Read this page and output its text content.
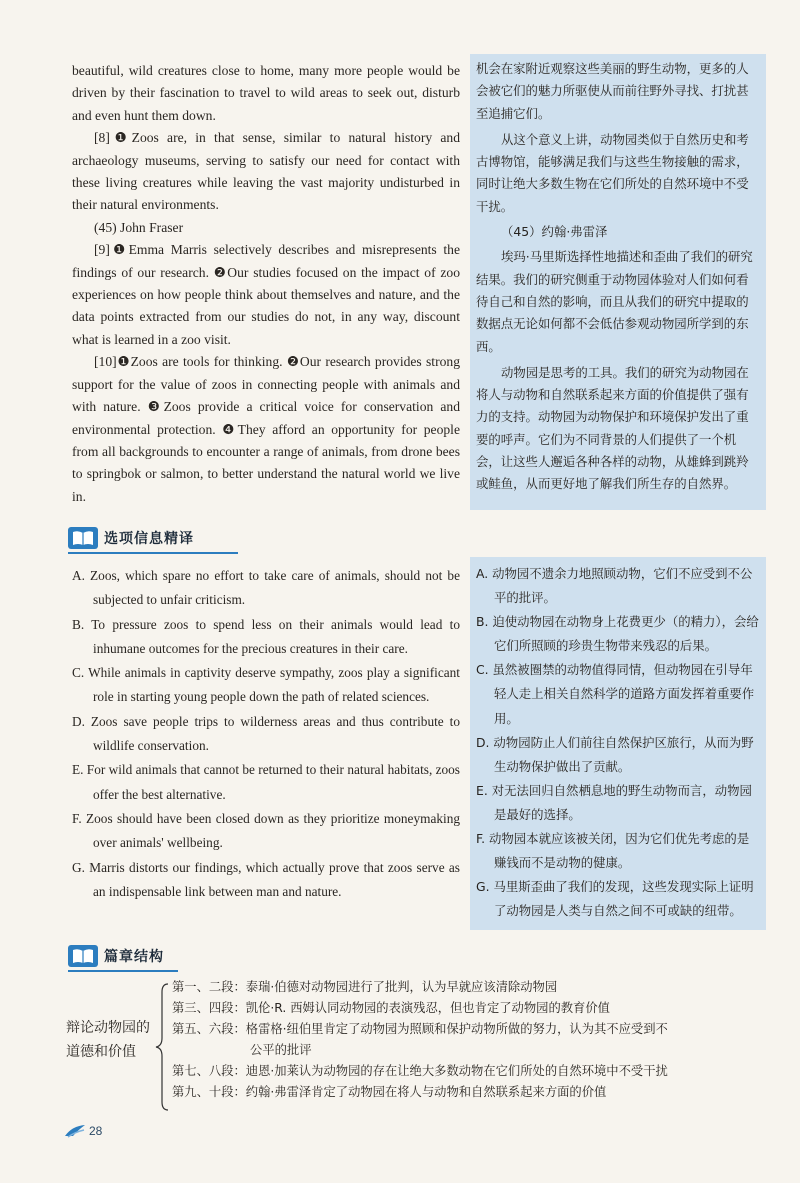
beautiful, wild creatures close to home, many more people would be driven by their fascination to travel to wild areas to seek out, disturb and even hunt them down.

[8]❶Zoos are, in that sense, similar to natural history and archaeology museums, serving to satisfy our need for contact with these living creatures while leaving the vast majority undisturbed in their natural environments.

(45) John Fraser

[9]❶Emma Marris selectively describes and misrepresents the findings of our research. ❷Our studies focused on the impact of zoo experiences on how people think about themselves and nature, and the data points extracted from our studies do not, in any way, discount what is learned in a zoo visit.

[10]❶Zoos are tools for thinking. ❷Our research provides strong support for the value of zoos in connecting people with animals and with nature. ❸Zoos provide a critical voice for conservation and environmental protection. ❹They afford an opportunity for people from all backgrounds to encounter a range of animals, from drone bees to springbok or salmon, to better understand the natural world we live in.

机会在家附近观察这些美丽的野生动物，更多的人会被它们的魅力所驱使从而前往野外寻找、打扰甚至追捕它们。

从这个意义上讲，动物园类似于自然历史和考古博物馆，能够满足我们与这些生物接触的需求，同时让绝大多数生物在它们所处的自然环境中不受干扰。

（45）约翰·弗雷泽

埃玛·马里斯选择性地描述和歪曲了我们的研究结果。我们的研究侧重于动物园体验对人们如何看待自己和自然的影响，而且从我们的研究中提取的数据点无论如何都不会低估参观动物园所学到的东西。

动物园是思考的工具。我们的研究为动物园在将人与动物和自然联系起来方面的价值提供了强有力的支持。动物园为动物保护和环境保护发出了重要的呼声。它们为不同背景的人们提供了一个机会，让这些人邂逅各种各样的动物，从雄蜂到跳羚或鲑鱼，从而更好地了解我们所生存的自然界。

选项信息精译

A. Zoos, which spare no effort to take care of animals, should not be subjected to unfair criticism.

B. To pressure zoos to spend less on their animals would lead to inhumane outcomes for the precious creatures in their care.

C. While animals in captivity deserve sympathy, zoos play a significant role in starting young people down the path of related sciences.

D. Zoos save people trips to wilderness areas and thus contribute to wildlife conservation.

E. For wild animals that cannot be returned to their natural habitats, zoos offer the best alternative.

F. Zoos should have been closed down as they prioritize moneymaking over animals' wellbeing.

G. Marris distorts our findings, which actually prove that zoos serve as an indispensable link between man and nature.

A. 动物园不遗余力地照顾动物，它们不应受到不公平的批评。

B. 迫使动物园在动物身上花费更少（的精力），会给它们所照顾的珍贵生物带来残忍的后果。

C. 虽然被圈禁的动物值得同情，但动物园在引导年轻人走上相关自然科学的道路方面发挥着重要作用。

D. 动物园防止人们前往自然保护区旅行，从而为野生动物保护做出了贡献。

E. 对无法回归自然栖息地的野生动物而言，动物园是最好的选择。

F. 动物园本就应该被关闭，因为它们优先考虑的是赚钱而不是动物的健康。

G. 马里斯歪曲了我们的发现，这些发现实际上证明了动物园是人类与自然之间不可或缺的纽带。

篇章结构
辩论动物园的
道德和价值
第一、二段：泰瑞·伯德对动物园进行了批判，认为早就应该清除动物园
第三、四段：凯伦·R. 西姆认同动物园的表演残忍，但也肯定了动物园的教育价值
第五、六段：格雷格·纽伯里肯定了动物园为照顾和保护动物所做的努力，认为其不应受到不
公平的批评
第七、八段：迪恩·加莱认为动物园的存在让绝大多数动物在它们所处的自然环境中不受干扰
第九、十段：约翰·弗雷泽肯定了动物园在将人与动物和自然联系起来方面的价值
28
